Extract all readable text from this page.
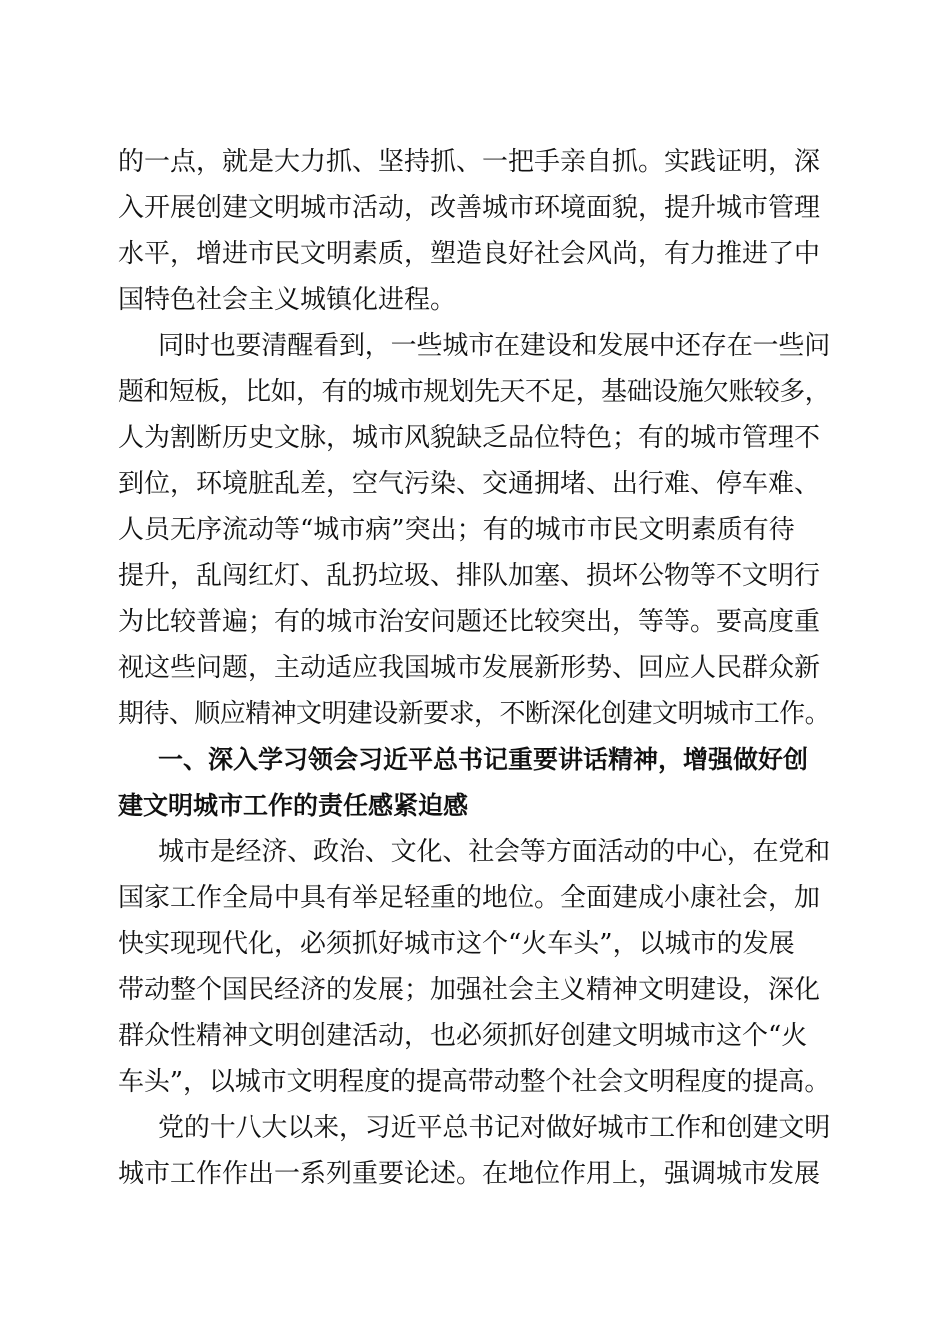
的一点，就是大力抓、坚持抓、一把手亲自抓。实践证明，深
入开展创建文明城市活动，改善城市环境面貌，提升城市管理
水平，增进市民文明素质，塑造良好社会风尚，有力推进了中
国特色社会主义城镇化进程。
同时也要清醒看到，一些城市在建设和发展中还存在一些问
题和短板，比如，有的城市规划先天不足，基础设施欠账较多，
人为割断历史文脉，城市风貌缺乏品位特色；有的城市管理不
到位，环境脏乱差，空气污染、交通拥堵、出行难、停车难、
人员无序流动等“城市病”突出；有的城市市民文明素质有待
提升，乱闯红灯、乱扔垃圾、排队加塞、损坏公物等不文明行
为比较普遍；有的城市治安问题还比较突出，等等。要高度重
视这些问题，主动适应我国城市发展新形势、回应人民群众新
期待、顺应精神文明建设新要求，不断深化创建文明城市工作。
一、深入学习领会习近平总书记重要讲话精神，增强做好创
建文明城市工作的责任感紧迫感
城市是经济、政治、文化、社会等方面活动的中心，在党和
国家工作全局中具有举足轻重的地位。全面建成小康社会，加
快实现现代化，必须抓好城市这个“火车头”，以城市的发展
带动整个国民经济的发展；加强社会主义精神文明建设，深化
群众性精神文明创建活动，也必须抓好创建文明城市这个“火
车头”，以城市文明程度的提高带动整个社会文明程度的提高。
党的十八大以来，习近平总书记对做好城市工作和创建文明
城市工作作出一系列重要论述。在地位作用上，强调城市发展
